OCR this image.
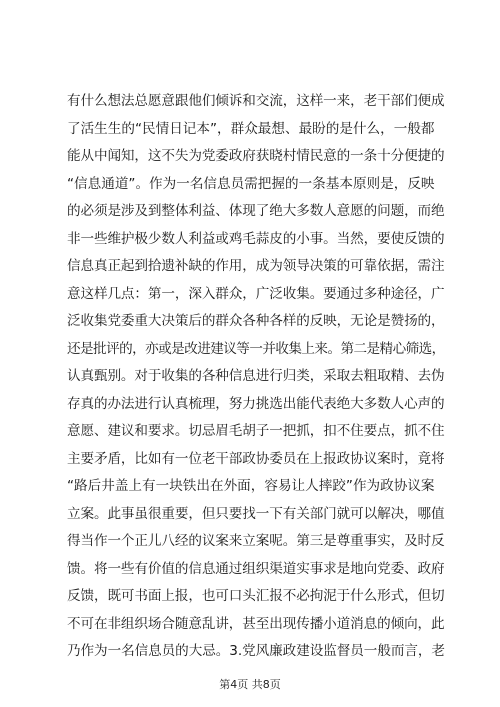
有什么想法总愿意跟他们倾诉和交流，这样一来，老干部们便成
了活生生的“民情日记本”，群众最想、最盼的是什么，一般都
能从中闻知，这不失为党委政府获晓村情民意的一条十分便捷的
“信息通道”。作为一名信息员需把握的一条基本原则是，反映
的必须是涉及到整体利益、体现了绝大多数人意愿的问题，而绝
非一些维护极少数人利益或鸡毛蒜皮的小事。当然，要使反馈的
信息真正起到拾遗补缺的作用，成为领导决策的可靠依据，需注
意这样几点：第一，深入群众，广泛收集。要通过多种途径，广
泛收集党委重大决策后的群众各种各样的反映，无论是赞扬的，
还是批评的，亦或是改进建议等一并收集上来。第二是精心筛选，
认真甄别。对于收集的各种信息进行归类，采取去粗取精、去伪
存真的办法进行认真梳理，努力挑选出能代表绝大多数人心声的
意愿、建议和要求。切忌眉毛胡子一把抓，扣不住要点，抓不住
主要矛盾，比如有一位老干部政协委员在上报政协议案时，竟将
“路后井盖上有一块铁出在外面，容易让人摔跤”作为政协议案
立案。此事虽很重要，但只要找一下有关部门就可以解决，哪值
得当作一个正儿八经的议案来立案呢。第三是尊重事实，及时反
馈。将一些有价值的信息通过组织渠道实事求是地向党委、政府
反馈，既可书面上报，也可口头汇报不必拘泥于什么形式，但切
不可在非组织场合随意乱讲，甚至出现传播小道消息的倾向，此
乃作为一名信息员的大忌。3.党风廉政建设监督员一般而言，老
第4页 共8页
